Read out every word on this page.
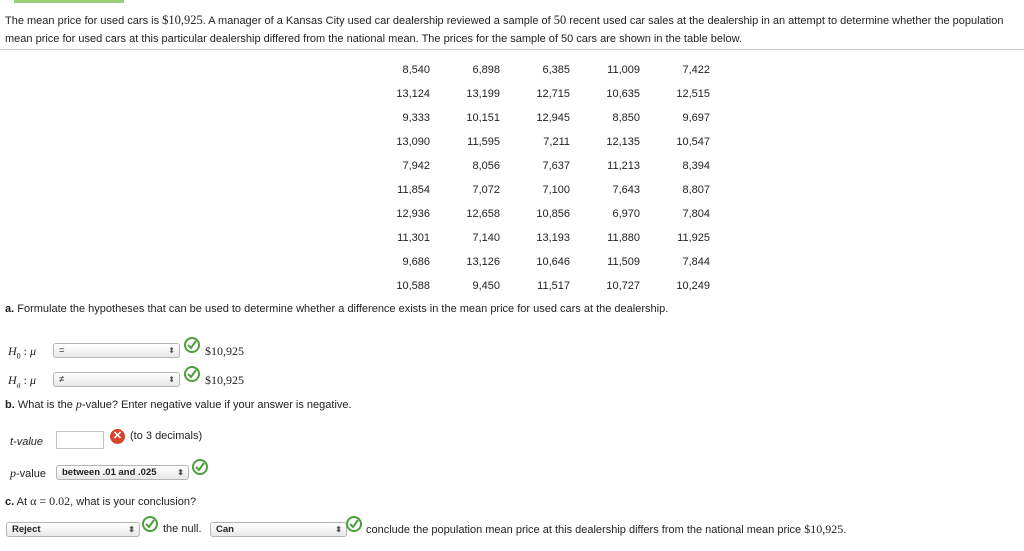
The mean price for used cars is $10,925. A manager of a Kansas City used car dealership reviewed a sample of 50 recent used car sales at the dealership in an attempt to determine whether the population mean price for used cars at this particular dealership differed from the national mean. The prices for the sample of 50 cars are shown in the table below.
8,540	6,898	6,385	11,009	7,422
13,124	13,199	12,715	10,635	12,515
9,333	10,151	12,945	8,850	9,697
13,090	11,595	7,211	12,135	10,547
7,942	8,056	7,637	11,213	8,394
11,854	7,072	7,100	7,643	8,807
12,936	12,658	10,856	6,970	7,804
11,301	7,140	13,193	11,880	11,925
9,686	13,126	10,646	11,509	7,844
10,588	9,450	11,517	10,727	10,249
a. Formulate the hypotheses that can be used to determine whether a difference exists in the mean price for used cars at the dealership.
$H_0$ : μ	=	⬍	$10,925
$H_a$ : μ	≠	⬍	$10,925
b. What is the p-value? Enter negative value if your answer is negative.
t-value	✕ (to 3 decimals)
p-value	between .01 and .025	⬍
c. At α = 0.02, what is your conclusion?
Reject	⬍	the null.	Can	⬍ conclude the population mean price at this dealership differs from the national mean price $10,925.
